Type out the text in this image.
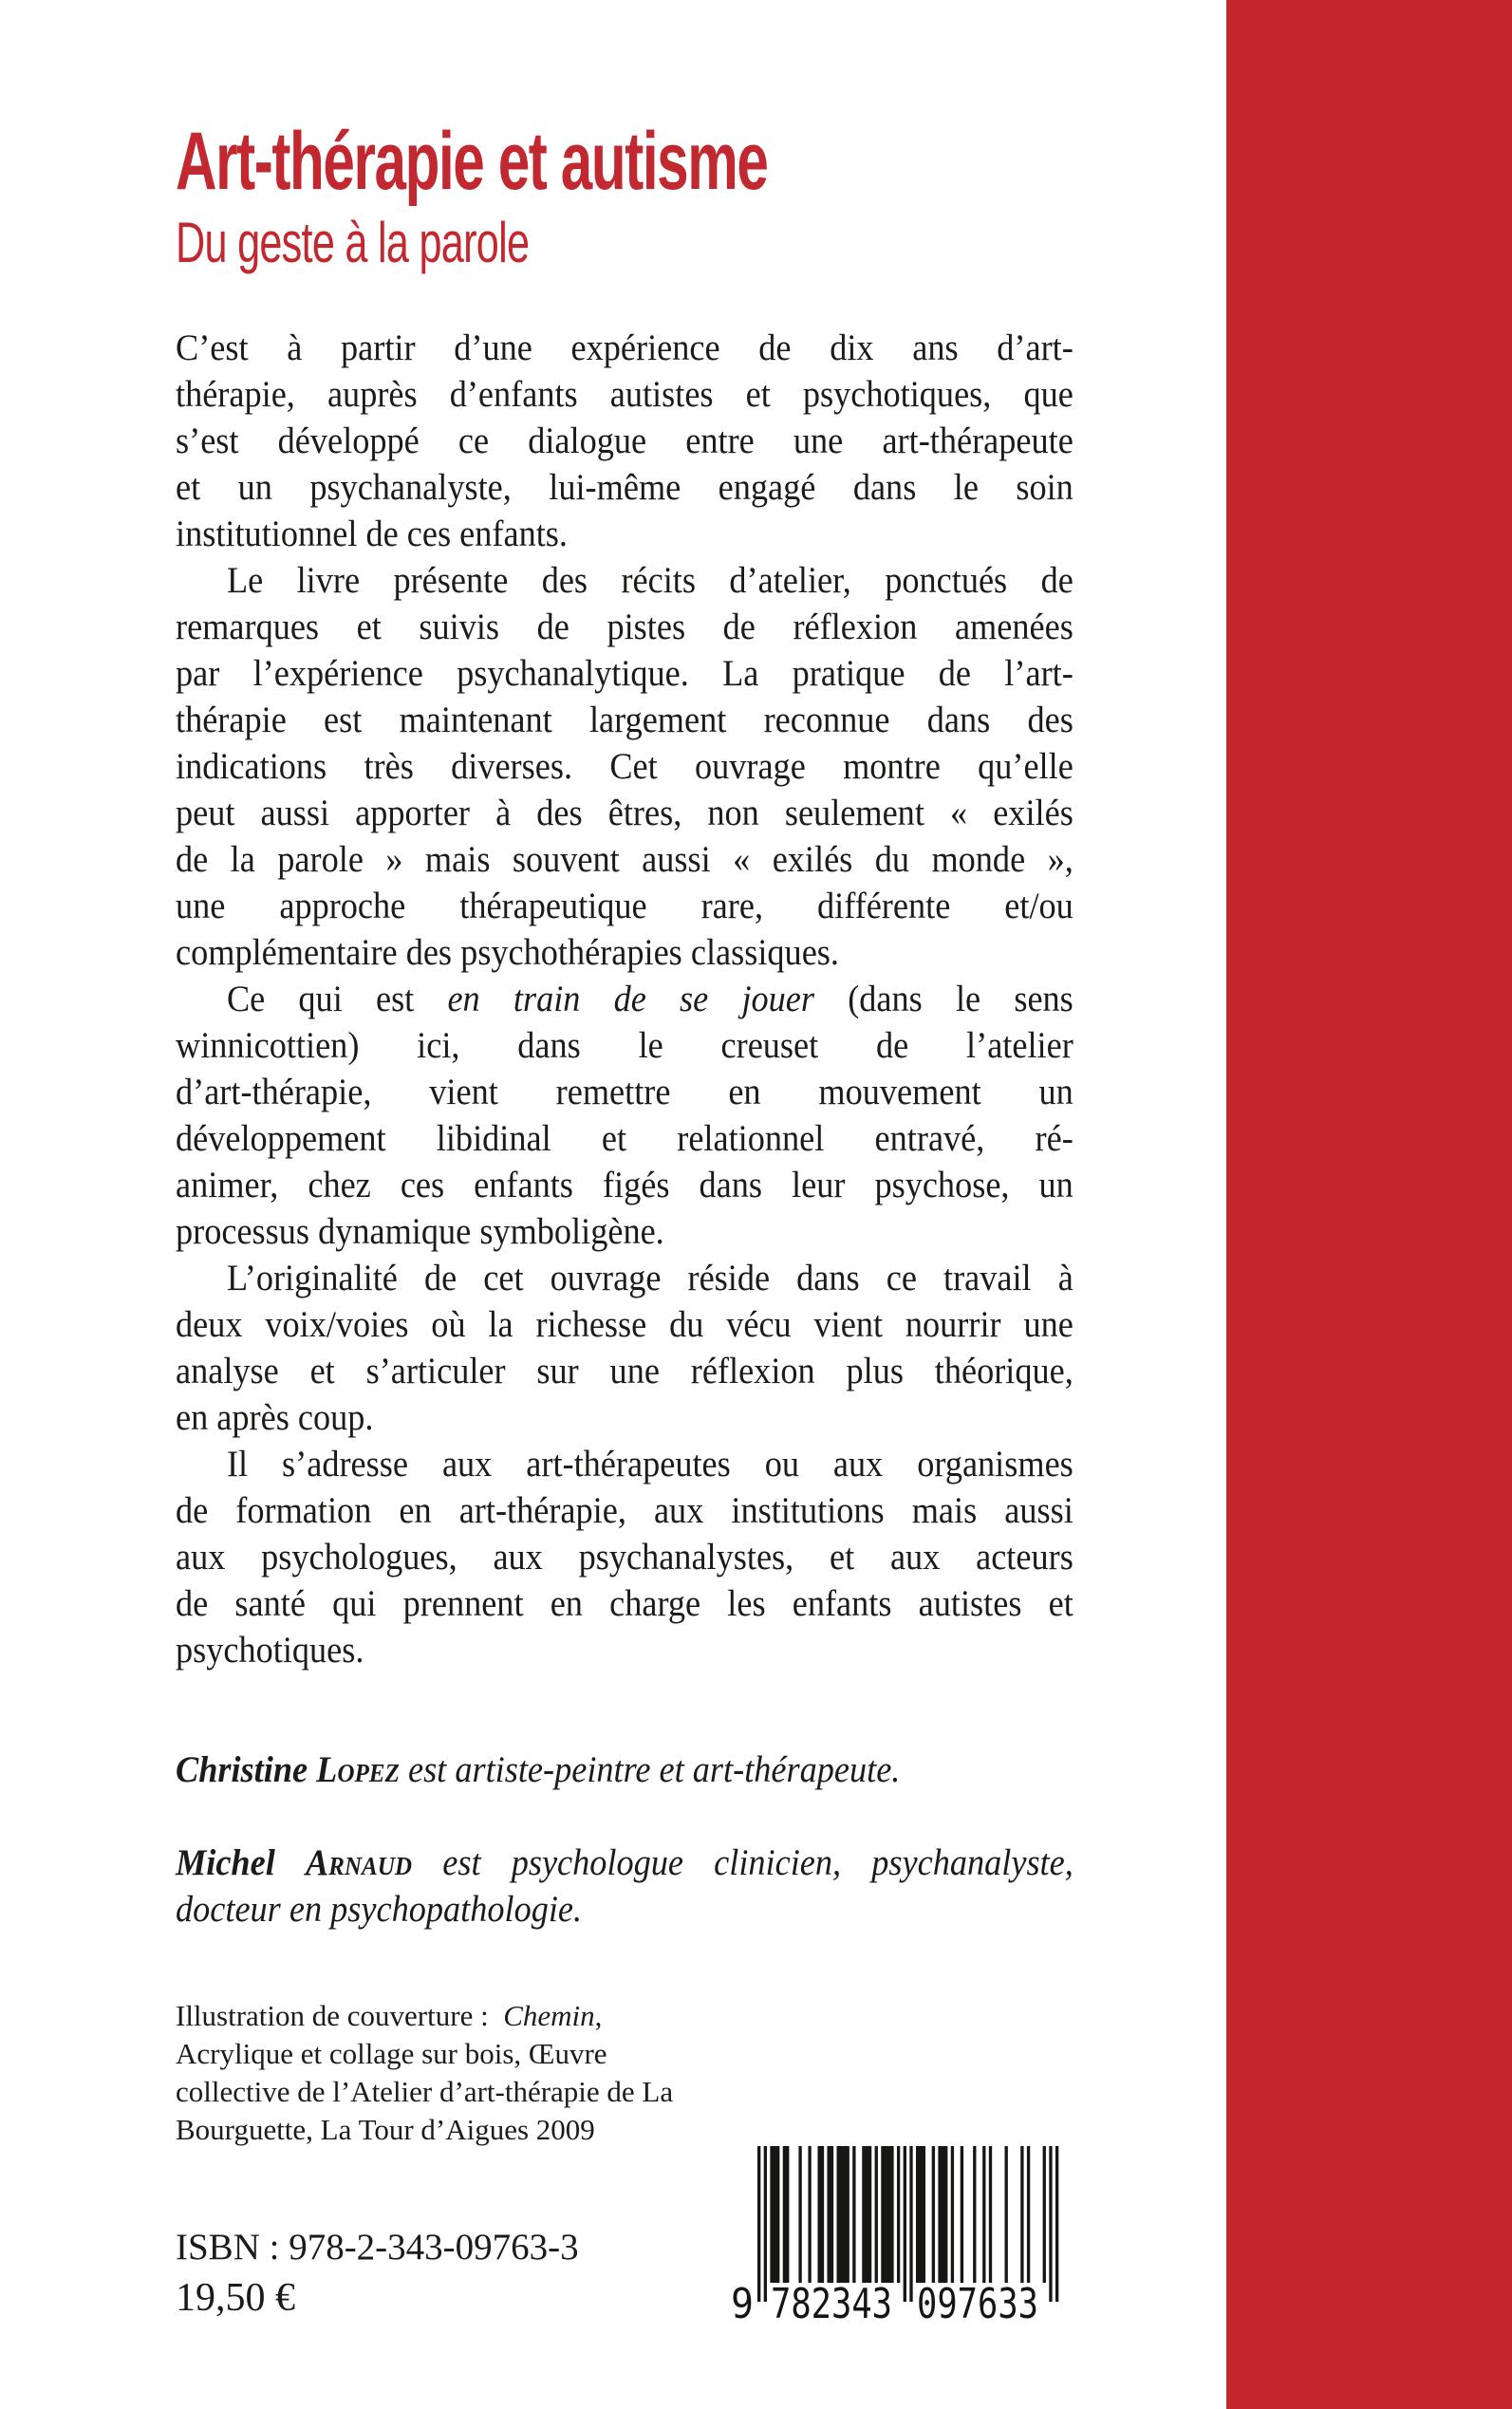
Art-thérapie et autisme
Du geste à la parole
C’est à partir d’une expérience de dix ans d’art-
thérapie, auprès d’enfants autistes et psychotiques, que
s’est développé ce dialogue entre une art-thérapeute
et un psychanalyste, lui-même engagé dans le soin
institutionnel de ces enfants.
Le livre présente des récits d’atelier, ponctués de
remarques et suivis de pistes de réflexion amenées
par l’expérience psychanalytique. La pratique de l’art-
thérapie est maintenant largement reconnue dans des
indications très diverses. Cet ouvrage montre qu’elle
peut aussi apporter à des êtres, non seulement « exilés
de la parole » mais souvent aussi « exilés du monde »,
une approche thérapeutique rare, différente et/ou
complémentaire des psychothérapies classiques.
Ce qui est en train de se jouer (dans le sens
winnicottien) ici, dans le creuset de l’atelier
d’art-thérapie, vient remettre en mouvement un
développement libidinal et relationnel entravé, ré-
animer, chez ces enfants figés dans leur psychose, un
processus dynamique symboligène.
L’originalité de cet ouvrage réside dans ce travail à
deux voix/voies où la richesse du vécu vient nourrir une
analyse et s’articuler sur une réflexion plus théorique,
en après coup.
Il s’adresse aux art-thérapeutes ou aux organismes
de formation en art-thérapie, aux institutions mais aussi
aux psychologues, aux psychanalystes, et aux acteurs
de santé qui prennent en charge les enfants autistes et
psychotiques.
Christine Lopez est artiste-peintre et art-thérapeute.
Michel Arnaud est psychologue clinicien, psychanalyste,
docteur en psychopathologie.
Illustration de couverture :  Chemin,
Acrylique et collage sur bois, Œuvre
collective de l’Atelier d’art-thérapie de La
Bourguette, La Tour d’Aigues 2009
ISBN : 978-2-343-09763-3
19,50 €	9 782343 097633
